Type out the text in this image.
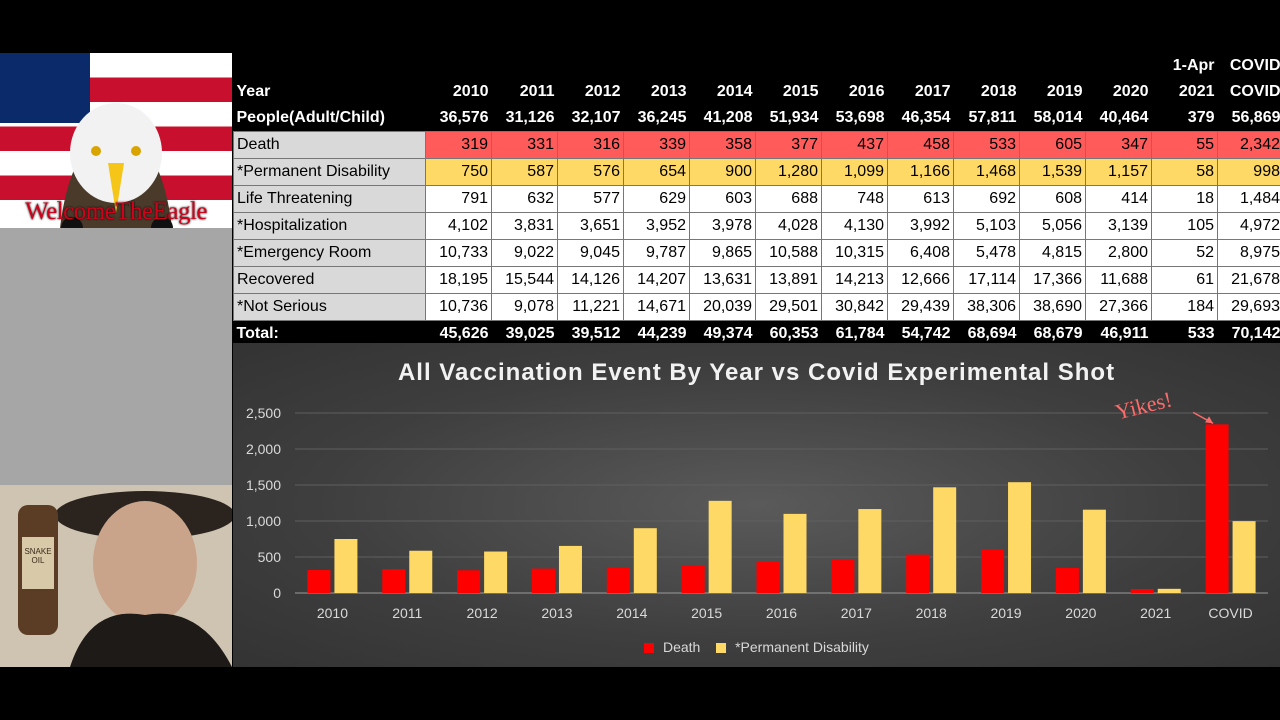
WelcomeTheEagle
SNAKE OIL
												1-Apr	COVID
Year	2010	2011	2012	2013	2014	2015	2016	2017	2018	2019	2020	2021	COVID
People(Adult/Child)	36,576	31,126	32,107	36,245	41,208	51,934	53,698	46,354	57,811	58,014	40,464	379	56,869
Death	319	331	316	339	358	377	437	458	533	605	347	55	2,342
*Permanent Disability	750	587	576	654	900	1,280	1,099	1,166	1,468	1,539	1,157	58	998
Life Threatening	791	632	577	629	603	688	748	613	692	608	414	18	1,484
*Hospitalization	4,102	3,831	3,651	3,952	3,978	4,028	4,130	3,992	5,103	5,056	3,139	105	4,972
*Emergency Room	10,733	9,022	9,045	9,787	9,865	10,588	10,315	6,408	5,478	4,815	2,800	52	8,975
Recovered	18,195	15,544	14,126	14,207	13,631	13,891	14,213	12,666	17,114	17,366	11,688	61	21,678
*Not Serious	10,736	9,078	11,221	14,671	20,039	29,501	30,842	29,439	38,306	38,690	27,366	184	29,693
Total:	45,626	39,025	39,512	44,239	49,374	60,353	61,784	54,742	68,694	68,679	46,911	533	70,142
0
500
1,000
1,500
2,000
2,500
2010	2011	2012	2013	2014	2015	2016	2017	2018	2019	2020	2021	COVID
All Vaccination Event By Year vs Covid Experimental Shot
Yikes!
Death *Permanent Disability
